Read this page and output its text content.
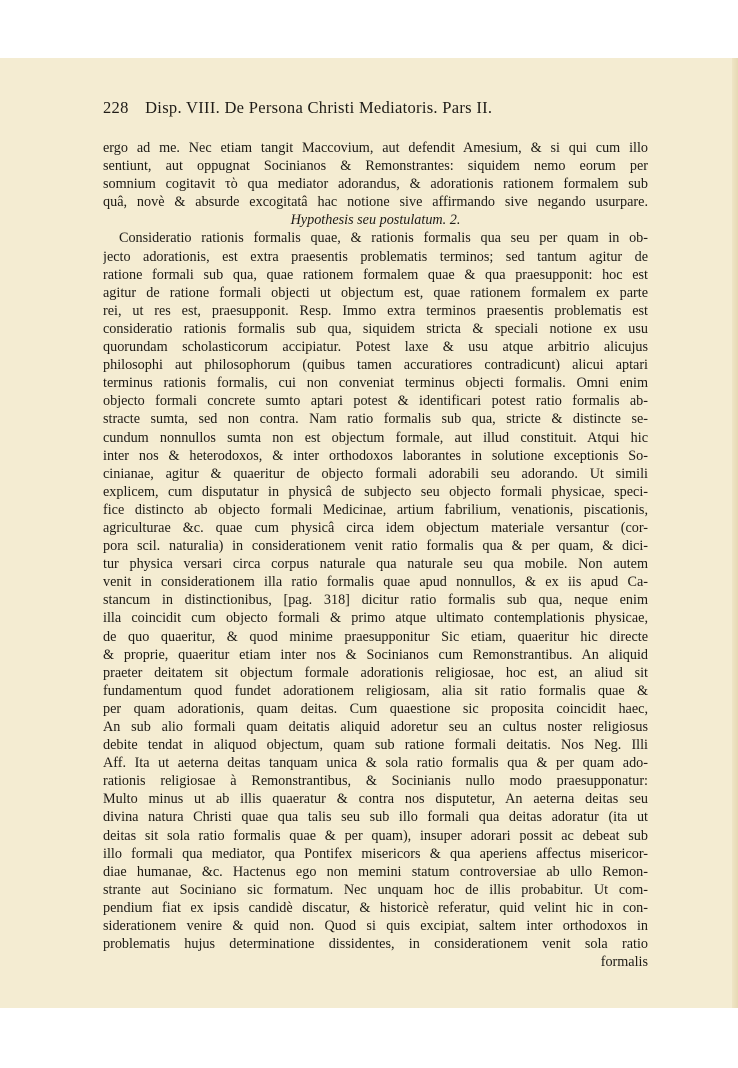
228 Disp. VIII. De Persona Christi Mediatoris. Pars II.
ergo ad me. Nec etiam tangit Maccovium, aut defendit Amesium, & si qui cum illo
sentiunt, aut oppugnat Socinianos & Remonstrantes: siquidem nemo eorum per
somnium cogitavit τὸ qua mediator adorandus, & adorationis rationem formalem sub
quâ, novè & absurde excogitatâ hac notione sive affirmando sive negando usurpare.
Hypothesis seu postulatum. 2.
Consideratio rationis formalis quae, & rationis formalis qua seu per quam in ob-
jecto adorationis, est extra praesentis problematis terminos; sed tantum agitur de
ratione formali sub qua, quae rationem formalem quae & qua praesupponit: hoc est
agitur de ratione formali objecti ut objectum est, quae rationem formalem ex parte
rei, ut res est, praesupponit. Resp. Immo extra terminos praesentis problematis est
consideratio rationis formalis sub qua, siquidem stricta & speciali notione ex usu
quorundam scholasticorum accipiatur. Potest laxe & usu atque arbitrio alicujus
philosophi aut philosophorum (quibus tamen accuratiores contradicunt) alicui aptari
terminus rationis formalis, cui non conveniat terminus objecti formalis. Omni enim
objecto formali concrete sumto aptari potest & identificari potest ratio formalis ab-
stracte sumta, sed non contra. Nam ratio formalis sub qua, stricte & distincte se-
cundum nonnullos sumta non est objectum formale, aut illud constituit. Atqui hic
inter nos & heterodoxos, & inter orthodoxos laborantes in solutione exceptionis So-
cinianae, agitur & quaeritur de objecto formali adorabili seu adorando. Ut simili
explicem, cum disputatur in physicâ de subjecto seu objecto formali physicae, speci-
fice distincto ab objecto formali Medicinae, artium fabrilium, venationis, piscationis,
agriculturae &c. quae cum physicâ circa idem objectum materiale versantur (cor-
pora scil. naturalia) in considerationem venit ratio formalis qua & per quam, & dici-
tur physica versari circa corpus naturale qua naturale seu qua mobile. Non autem
venit in considerationem illa ratio formalis quae apud nonnullos, & ex iis apud Ca-
stancum in distinctionibus, [pag. 318] dicitur ratio formalis sub qua, neque enim
illa coincidit cum objecto formali & primo atque ultimato contemplationis physicae,
de quo quaeritur, & quod minime praesupponitur Sic etiam, quaeritur hic directe
& proprie, quaeritur etiam inter nos & Socinianos cum Remonstrantibus. An aliquid
praeter deitatem sit objectum formale adorationis religiosae, hoc est, an aliud sit
fundamentum quod fundet adorationem religiosam, alia sit ratio formalis quae &
per quam adorationis, quam deitas. Cum quaestione sic proposita coincidit haec,
An sub alio formali quam deitatis aliquid adoretur seu an cultus noster religiosus
debite tendat in aliquod objectum, quam sub ratione formali deitatis. Nos Neg. Illi
Aff. Ita ut aeterna deitas tanquam unica & sola ratio formalis qua & per quam ado-
rationis religiosae à Remonstrantibus, & Socinianis nullo modo praesupponatur:
Multo minus ut ab illis quaeratur & contra nos disputetur, An aeterna deitas seu
divina natura Christi quae qua talis seu sub illo formali qua deitas adoratur (ita ut
deitas sit sola ratio formalis quae & per quam), insuper adorari possit ac debeat sub
illo formali qua mediator, qua Pontifex misericors & qua aperiens affectus misericor-
diae humanae, &c. Hactenus ego non memini statum controversiae ab ullo Remon-
strante aut Sociniano sic formatum. Nec unquam hoc de illis probabitur. Ut com-
pendium fiat ex ipsis candidè discatur, & historicè referatur, quid velint hic in con-
siderationem venire & quid non. Quod si quis excipiat, saltem inter orthodoxos in
problematis hujus determinatione dissidentes, in considerationem venit sola ratio
formalis
